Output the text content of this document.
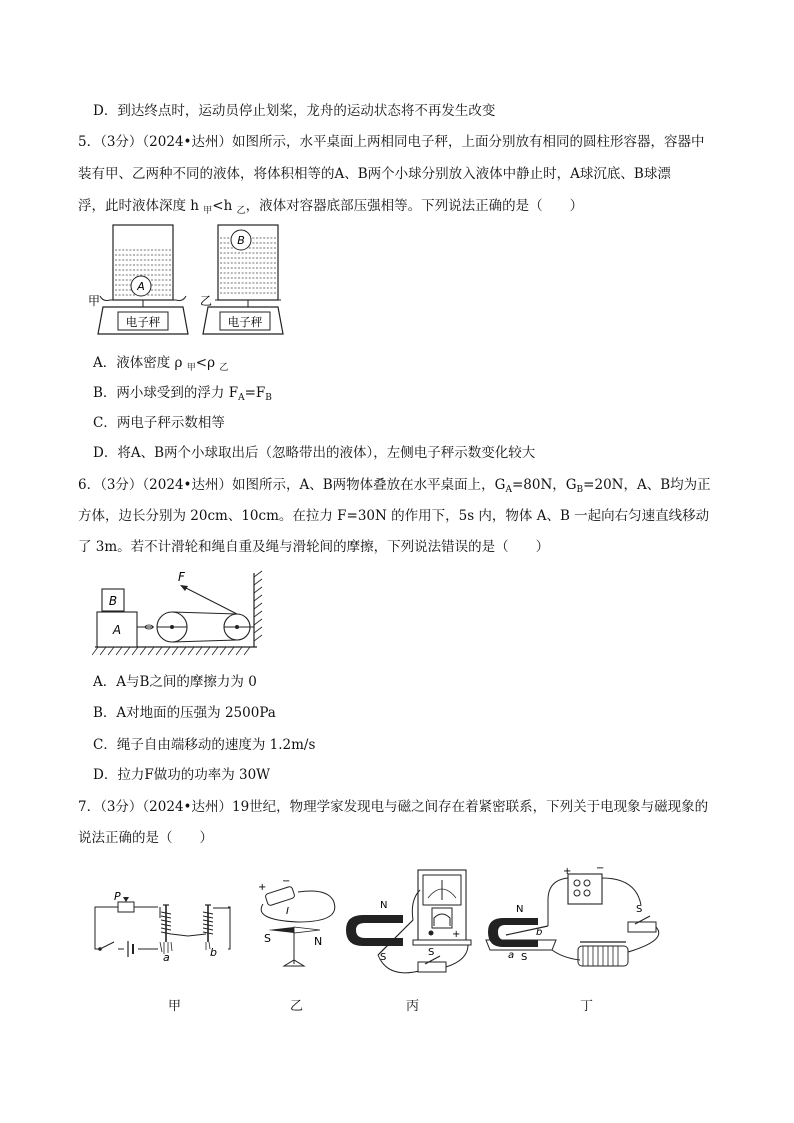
D．到达终点时，运动员停止划桨，龙舟的运动状态将不再发生改变
5．（3分）（2024•达州）如图所示，水平桌面上两相同电子秤，上面分别放有相同的圆柱形容器，容器中
装有甲、乙两种不同的液体，将体积相等的A、B两个小球分别放入液体中静止时，A球沉底、B球漂
浮，此时液体深度 h $_甲$<h $_乙$，液体对容器底部压强相等。下列说法正确的是（　　）
A
电子秤
甲
B
电子秤
乙
A．液体密度 ρ $_甲$<ρ $_乙$
B．两小球受到的浮力 $F_A=F_B$
C．两电子秤示数相等
D．将A、B两个小球取出后（忽略带出的液体），左侧电子秤示数变化较大
6．（3分）（2024•达州）如图所示，A、B两物体叠放在水平桌面上，$G_A=80N$，$G_B=20N$，A、B均为正
方体，边长分别为 20cm、10cm。在拉力 F=30N 的作用下，5s 内，物体 A、B 一起向右匀速直线移动
了 3m。若不计滑轮和绳自重及绳与滑轮间的摩擦，下列说法错误的是（　　）
A
B
F
A．A与B之间的摩擦力为 0
B．A对地面的压强为 2500Pa
C．绳子自由端移动的速度为 1.2m/s
D．拉力F做功的功率为 30W
7．（3分）（2024•达州）19世纪，物理学家发现电与磁之间存在着紧密联系，下列关于电现象与磁现象的
说法正确的是（　　）
P
a	b
+
−
I
S	N
+
N
S	S
N
S
a
b
+ −
S
甲	乙	丙	丁
